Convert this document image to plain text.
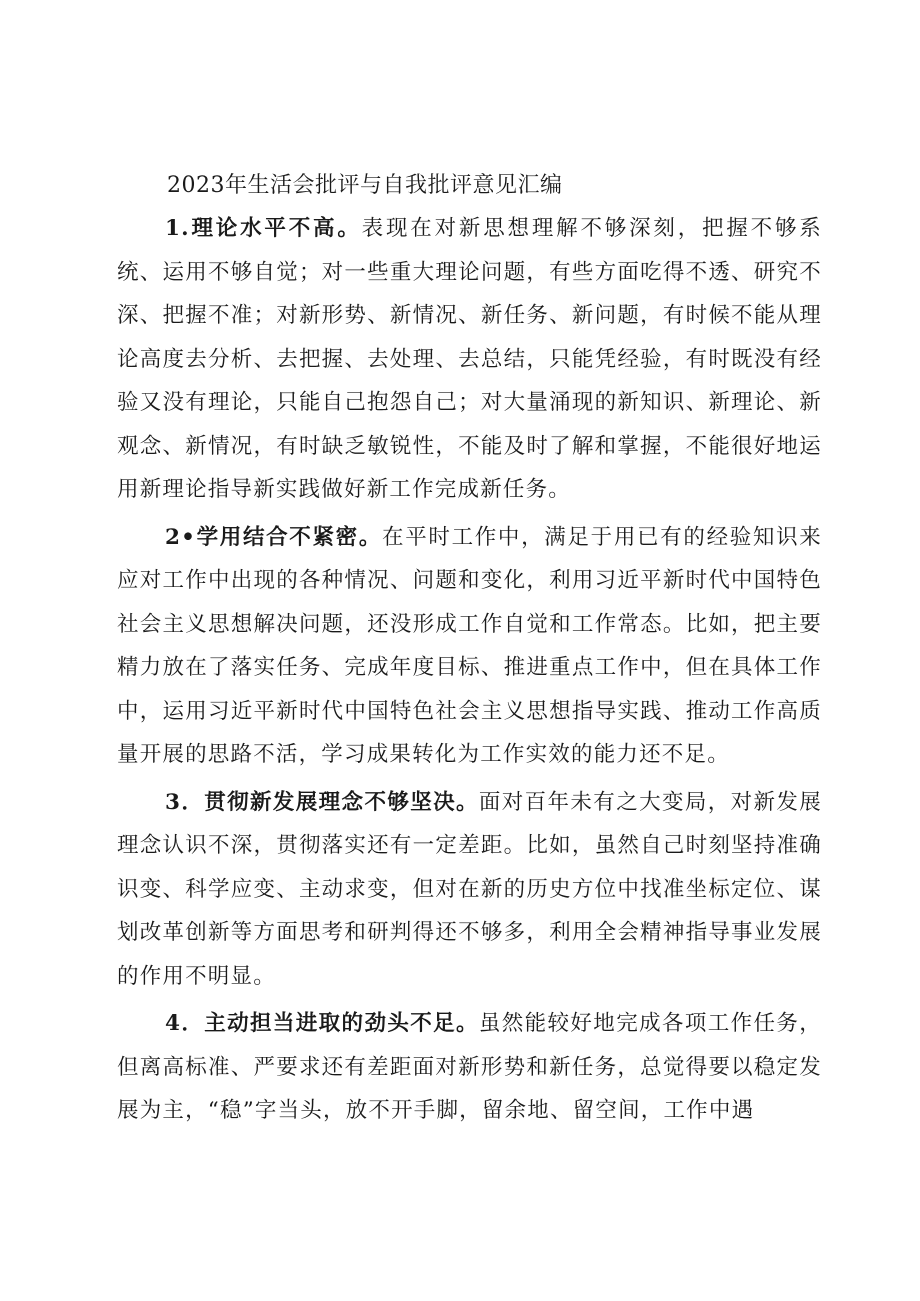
2023年生活会批评与自我批评意见汇编

1.理论水平不高。表现在对新思想理解不够深刻，把握不够系统、运用不够自觉；对一些重大理论问题，有些方面吃得不透、研究不深、把握不准；对新形势、新情况、新任务、新问题，有时候不能从理论高度去分析、去把握、去处理、去总结，只能凭经验，有时既没有经验又没有理论，只能自己抱怨自己；对大量涌现的新知识、新理论、新观念、新情况，有时缺乏敏锐性，不能及时了解和掌握，不能很好地运用新理论指导新实践做好新工作完成新任务。

2•学用结合不紧密。在平时工作中，满足于用已有的经验知识来应对工作中出现的各种情况、问题和变化，利用习近平新时代中国特色社会主义思想解决问题，还没形成工作自觉和工作常态。比如，把主要精力放在了落实任务、完成年度目标、推进重点工作中，但在具体工作中，运用习近平新时代中国特色社会主义思想指导实践、推动工作高质量开展的思路不活，学习成果转化为工作实效的能力还不足。

3．贯彻新发展理念不够坚决。面对百年未有之大变局，对新发展理念认识不深，贯彻落实还有一定差距。比如，虽然自己时刻坚持准确识变、科学应变、主动求变，但对在新的历史方位中找准坐标定位、谋划改革创新等方面思考和研判得还不够多，利用全会精神指导事业发展的作用不明显。

4．主动担当进取的劲头不足。虽然能较好地完成各项工作任务，但离高标准、严要求还有差距面对新形势和新任务，总觉得要以稳定发展为主，“稳”字当头，放不开手脚，留余地、留空间，工作中遇
